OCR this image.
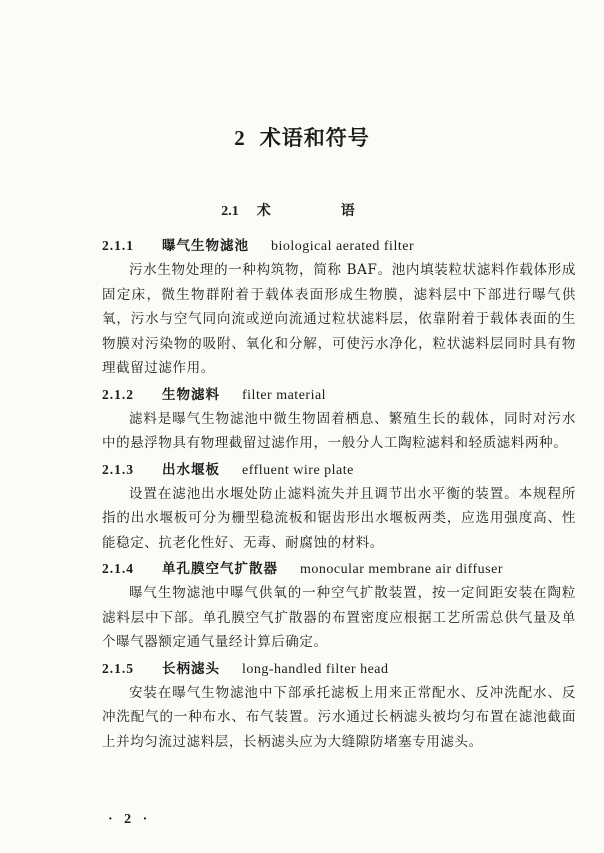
2 术语和符号
2.1 术　语
2.1.1 曝气生物滤池 biological aerated filter

污水生物处理的一种构筑物，简称 BAF。池内填装粒状滤料作载体形成固定床，微生物群附着于载体表面形成生物膜，滤料层中下部进行曝气供氧，污水与空气同向流或逆向流通过粒状滤料层，依靠附着于载体表面的生物膜对污染物的吸附、氧化和分解，可使污水净化，粒状滤料层同时具有物理截留过滤作用。

2.1.2 生物滤料 filter material

滤料是曝气生物滤池中微生物固着栖息、繁殖生长的载体，同时对污水中的悬浮物具有物理截留过滤作用，一般分人工陶粒滤料和轻质滤料两种。

2.1.3 出水堰板 effluent wire plate

设置在滤池出水堰处防止滤料流失并且调节出水平衡的装置。本规程所指的出水堰板可分为栅型稳流板和锯齿形出水堰板两类，应选用强度高、性能稳定、抗老化性好、无毒、耐腐蚀的材料。

2.1.4 单孔膜空气扩散器 monocular membrane air diffuser

曝气生物滤池中曝气供氧的一种空气扩散装置，按一定间距安装在陶粒滤料层中下部。单孔膜空气扩散器的布置密度应根据工艺所需总供气量及单个曝气器额定通气量经计算后确定。

2.1.5 长柄滤头 long-handled filter head

安装在曝气生物滤池中下部承托滤板上用来正常配水、反冲洗配水、反冲洗配气的一种布水、布气装置。污水通过长柄滤头被均匀布置在滤池截面上并均匀流过滤料层，长柄滤头应为大缝隙防堵塞专用滤头。

· 2 ·
